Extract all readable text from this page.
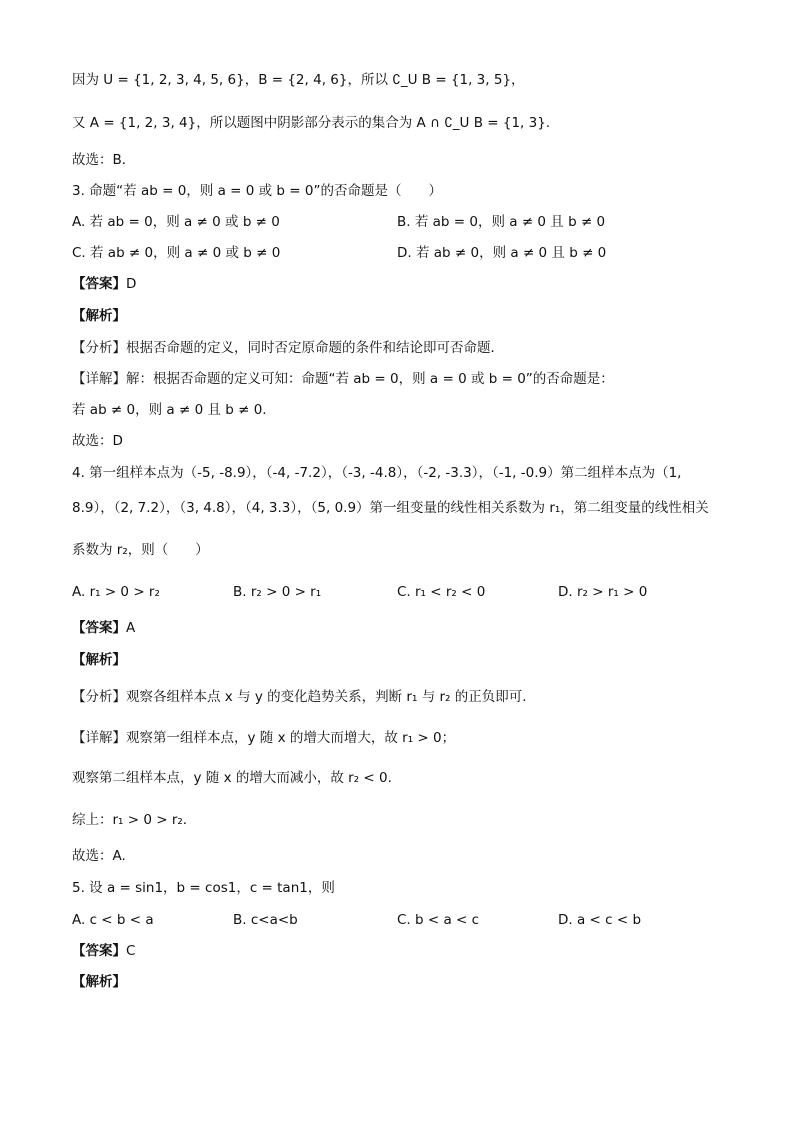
因为 U = {1, 2, 3, 4, 5, 6}，B = {2, 4, 6}，所以 ∁_U B = {1, 3, 5}，
又 A = {1, 2, 3, 4}，所以题图中阴影部分表示的集合为 A ∩ ∁_U B = {1, 3}.
故选：B．
3. 命题“若 ab = 0，则 a = 0 或 b = 0”的否命题是（　　）
A. 若 ab = 0，则 a ≠ 0 或 b ≠ 0	B. 若 ab = 0，则 a ≠ 0 且 b ≠ 0
C. 若 ab ≠ 0，则 a ≠ 0 或 b ≠ 0	D. 若 ab ≠ 0，则 a ≠ 0 且 b ≠ 0
【答案】D
【解析】
【分析】根据否命题的定义，同时否定原命题的条件和结论即可否命题．
【详解】解：根据否命题的定义可知：命题“若 ab = 0，则 a = 0 或 b = 0”的否命题是：
若 ab ≠ 0，则 a ≠ 0 且 b ≠ 0.
故选：D
4. 第一组样本点为（-5, -8.9），（-4, -7.2），（-3, -4.8），（-2, -3.3），（-1, -0.9）第二组样本点为（1,
8.9），（2, 7.2），（3, 4.8），（4, 3.3），（5, 0.9）第一组变量的线性相关系数为 r₁，第二组变量的线性相关
系数为 r₂，则（　　）
A. r₁ > 0 > r₂	B. r₂ > 0 > r₁	C. r₁ < r₂ < 0	D. r₂ > r₁ > 0
【答案】A
【解析】
【分析】观察各组样本点 x 与 y 的变化趋势关系，判断 r₁ 与 r₂ 的正负即可.
【详解】观察第一组样本点，y 随 x 的增大而增大，故 r₁ > 0；
观察第二组样本点，y 随 x 的增大而减小，故 r₂ < 0.
综上：r₁ > 0 > r₂.
故选：A.
5. 设 a = sin1，b = cos1，c = tan1，则
A. c < b < a	B. c<a<b	C. b < a < c	D. a < c < b
【答案】C
【解析】
